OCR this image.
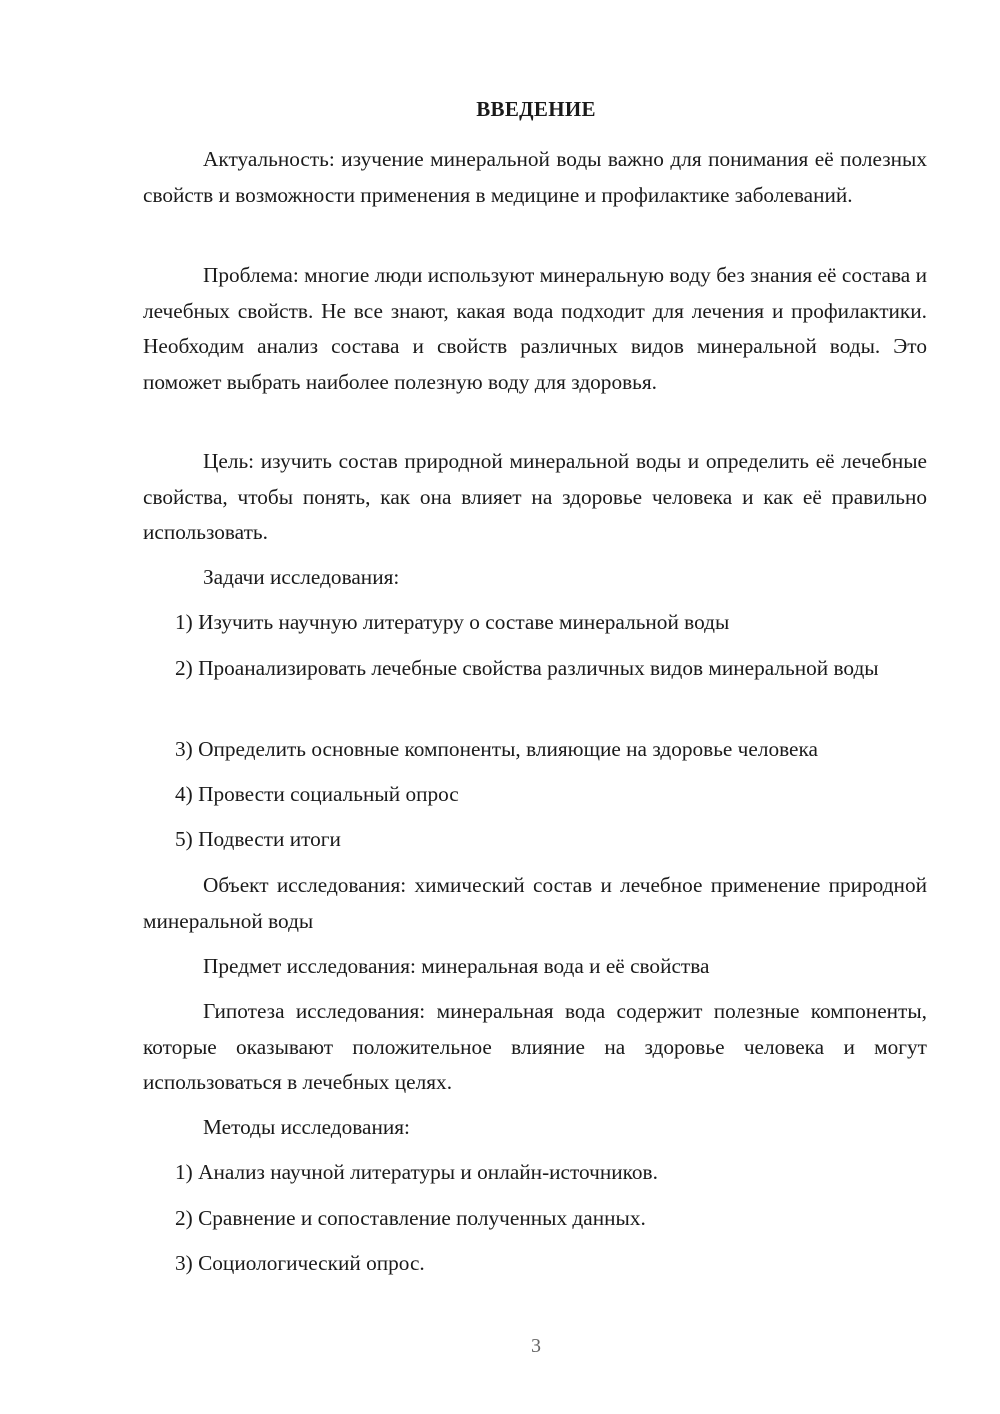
ВВЕДЕНИЕ

Актуальность: изучение минеральной воды важно для понимания её полезных свойств и возможности применения в медицине и профилактике заболеваний.

Проблема: многие люди используют минеральную воду без знания её состава и лечебных свойств. Не все знают, какая вода подходит для лечения и профилактики. Необходим анализ состава и свойств различных видов минеральной воды. Это поможет выбрать наиболее полезную воду для здоровья.

Цель: изучить состав природной минеральной воды и определить её лечебные свойства, чтобы понять, как она влияет на здоровье человека и как её правильно использовать.

Задачи исследования:

1) Изучить научную литературу о составе минеральной воды

2) Проанализировать лечебные свойства различных видов минеральной воды

3) Определить основные компоненты, влияющие на здоровье человека

4) Провести социальный опрос

5) Подвести итоги

Объект исследования: химический состав и лечебное применение природной минеральной воды

Предмет исследования: минеральная вода и её свойства

Гипотеза исследования: минеральная вода содержит полезные компоненты, которые оказывают положительное влияние на здоровье человека и могут использоваться в лечебных целях.

Методы исследования:

1) Анализ научной литературы и онлайн-источников.

2) Сравнение и сопоставление полученных данных.

3) Социологический опрос.

3
